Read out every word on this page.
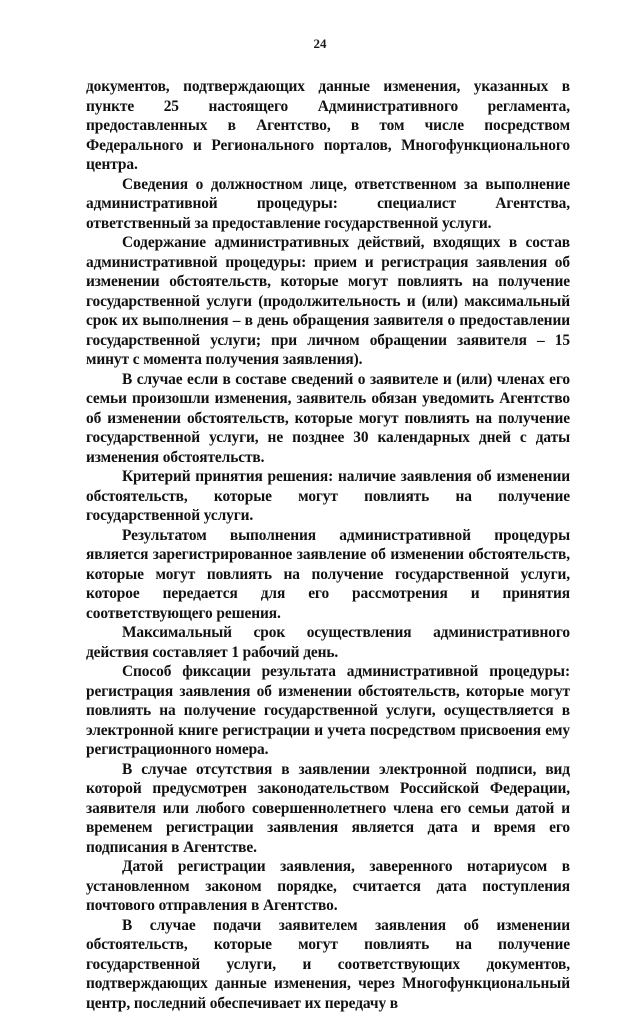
24

документов, подтверждающих данные изменения, указанных в пункте 25 настоящего Административного регламента, предоставленных в Агентство, в том числе посредством Федерального и Регионального порталов, Многофункционального центра.

Сведения о должностном лице, ответственном за выполнение административной процедуры: специалист Агентства, ответственный за предоставление государственной услуги.

Содержание административных действий, входящих в состав административной процедуры: прием и регистрация заявления об изменении обстоятельств, которые могут повлиять на получение государственной услуги (продолжительность и (или) максимальный срок их выполнения – в день обращения заявителя о предоставлении государственной услуги; при личном обращении заявителя – 15 минут с момента получения заявления).

В случае если в составе сведений о заявителе и (или) членах его семьи произошли изменения, заявитель обязан уведомить Агентство об изменении обстоятельств, которые могут повлиять на получение государственной услуги, не позднее 30 календарных дней с даты изменения обстоятельств.

Критерий принятия решения: наличие заявления об изменении обстоятельств, которые могут повлиять на получение государственной услуги.

Результатом выполнения административной процедуры является зарегистрированное заявление об изменении обстоятельств, которые могут повлиять на получение государственной услуги, которое передается для его рассмотрения и принятия соответствующего решения.

Максимальный срок осуществления административного действия составляет 1 рабочий день.

Способ фиксации результата административной процедуры: регистрация заявления об изменении обстоятельств, которые могут повлиять на получение государственной услуги, осуществляется в электронной книге регистрации и учета посредством присвоения ему регистрационного номера.

В случае отсутствия в заявлении электронной подписи, вид которой предусмотрен законодательством Российской Федерации, заявителя или любого совершеннолетнего члена его семьи датой и временем регистрации заявления является дата и время его подписания в Агентстве.

Датой регистрации заявления, заверенного нотариусом в установленном законом порядке, считается дата поступления почтового отправления в Агентство.

В случае подачи заявителем заявления об изменении обстоятельств, которые могут повлиять на получение государственной услуги, и соответствующих документов, подтверждающих данные изменения, через Многофункциональный центр, последний обеспечивает их передачу в
